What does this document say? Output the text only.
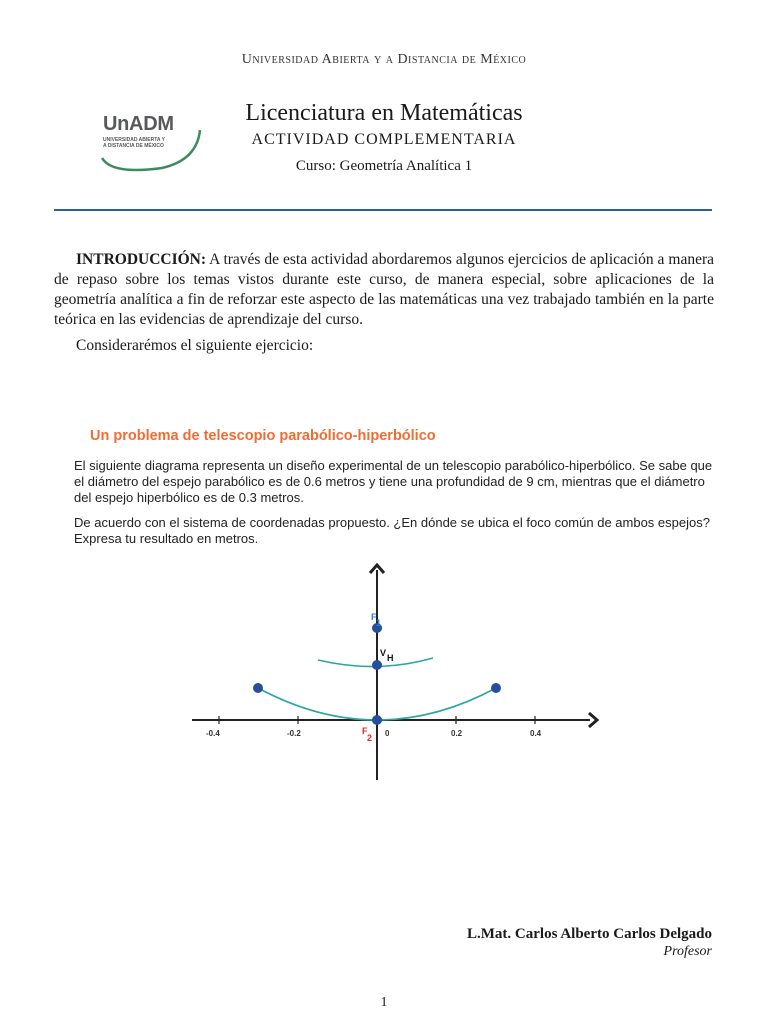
Universidad Abierta y a Distancia de México
UnADM
UNIVERSIDAD ABIERTA Y
A DISTANCIA DE MÉXICO
Licenciatura en Matemáticas
ACTIVIDAD COMPLEMENTARIA
Curso: Geometría Analítica 1
INTRODUCCIÓN: A través de esta actividad abordaremos algunos ejercicios de aplicación a manera de repaso sobre los temas vistos durante este curso, de manera especial, sobre aplicaciones de la geometría analítica a fin de reforzar este aspecto de las matemáticas una vez trabajado también en la parte teórica en las evidencias de aprendizaje del curso.
Considerarémos el siguiente ejercicio:
Un problema de telescopio parabólico-hiperbólico
El siguiente diagrama representa un diseño experimental de un telescopio parabólico-hiperbólico. Se sabe que el diámetro del espejo parabólico es de 0.6 metros y tiene una profundidad de 9 cm, mientras que el diámetro del espejo hiperbólico es de 0.3 metros.
De acuerdo con el sistema de coordenadas propuesto. ¿En dónde se ubica el foco común de ambos espejos? Expresa tu resultado en metros.
-0.4	-0.2	0	0.2	0.4
F
1
V H
F
2
L.Mat. Carlos Alberto Carlos Delgado
Profesor
1
